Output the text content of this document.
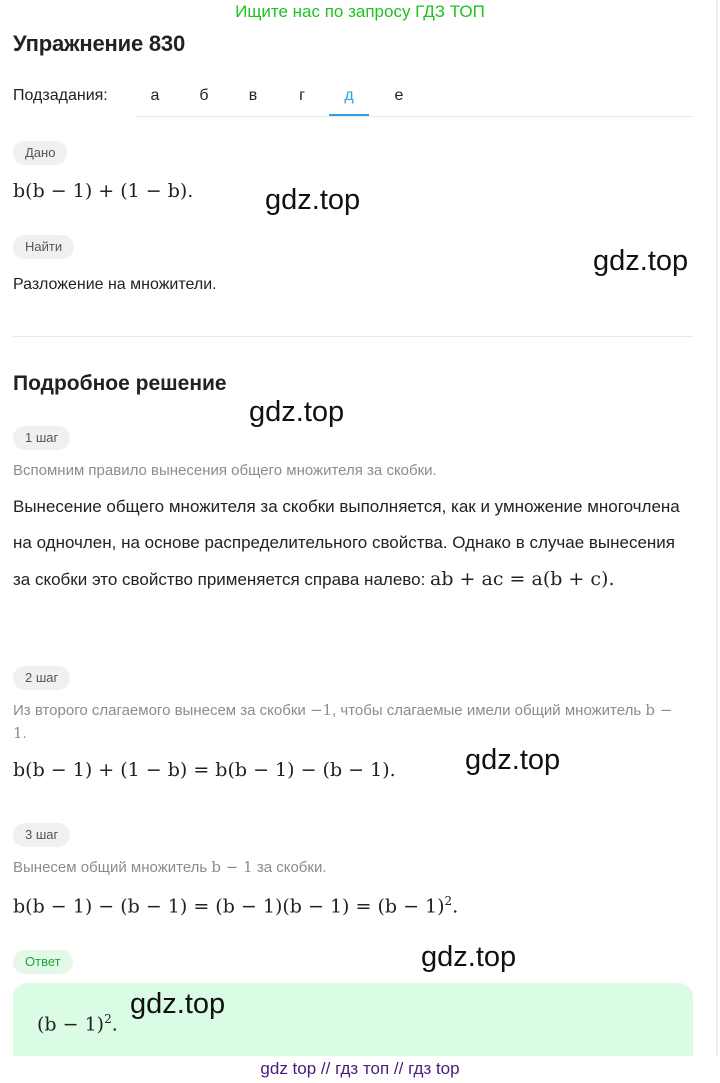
Ищите нас по запросу ГДЗ ТОП
Упражнение 830
Подзадания:	а	б	в	г	д	е
Дано
b(b − 1) + (1 − b).
Найти
Разложение на множители.
Подробное решение
1 шаг
Вспомним правило вынесения общего множителя за скобки.
Вынесение общего множителя за скобки выполняется, как и умножение многочлена на одночлен, на основе распределительного свойства. Однако в случае вынесения за скобки это свойство применяется справа налево: ab + ac = a(b + c).
2 шаг
Из второго слагаемого вынесем за скобки −1, чтобы слагаемые имели общий множитель b − 1.
b(b − 1) + (1 − b) = b(b − 1) − (b − 1).
3 шаг
Вынесем общий множитель b − 1 за скобки.
$b(b - 1) - (b - 1) = (b - 1)(b - 1) = (b - 1)^2$.
Ответ
$(b - 1)^2$.
gdz.top
gdz.top
gdz.top
gdz.top
gdz.top
gdz.top
gdz top // гдз топ // гдз top
